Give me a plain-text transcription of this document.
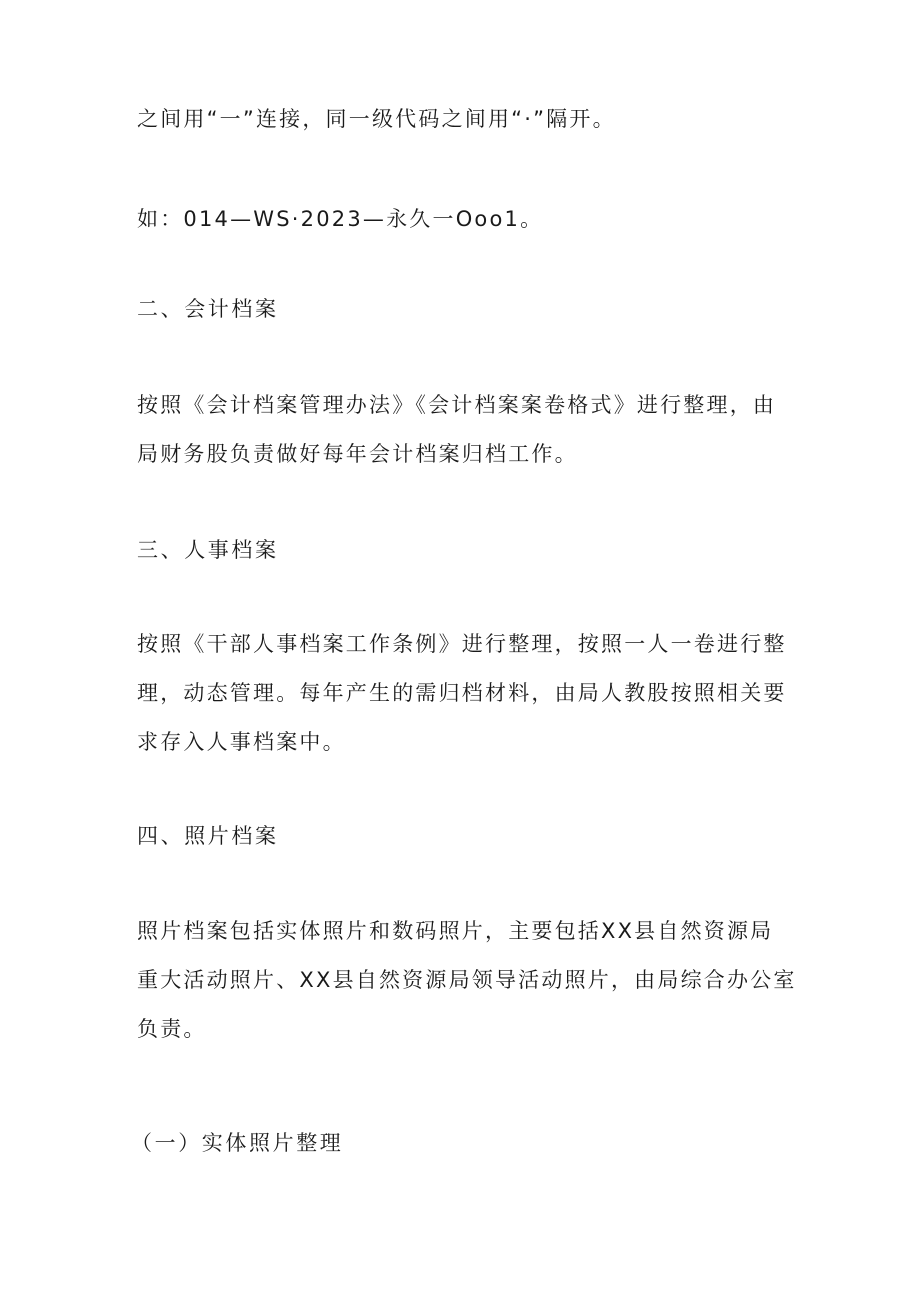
之间用“一”连接，同一级代码之间用“·”隔开。
如：014—WS·2023—永久一Ooo1。
二、会计档案
按照《会计档案管理办法》《会计档案案卷格式》进行整理，由
局财务股负责做好每年会计档案归档工作。
三、人事档案
按照《干部人事档案工作条例》进行整理，按照一人一卷进行整
理，动态管理。每年产生的需归档材料，由局人教股按照相关要
求存入人事档案中。
四、照片档案
照片档案包括实体照片和数码照片，主要包括XX县自然资源局
重大活动照片、XX县自然资源局领导活动照片，由局综合办公室
负责。
（一）实体照片整理
